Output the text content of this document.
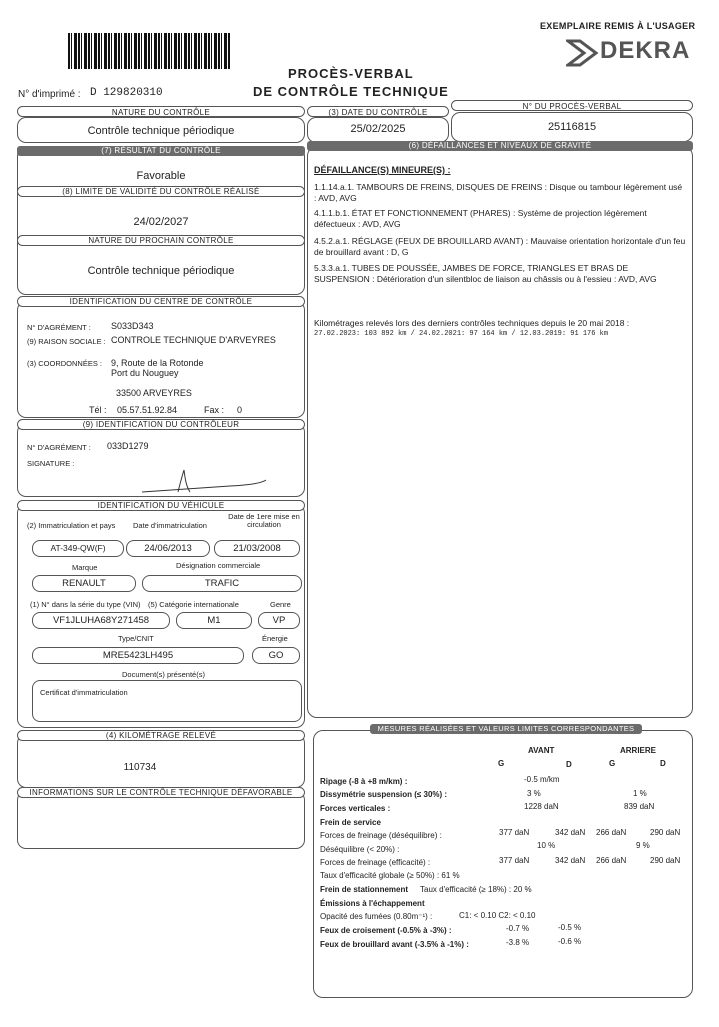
EXEMPLAIRE REMIS À L'USAGER
DEKRA
PROCÈS-VERBAL
DE CONTRÔLE TECHNIQUE
N° d'imprimé : D 129820310
NATURE DU CONTRÔLE
Contrôle technique périodique
(3) DATE DU CONTRÔLE
25/02/2025
N° DU PROCÈS-VERBAL
25116815
(7) RÉSULTAT DU CONTRÔLE
Favorable
(8) LIMITE DE VALIDITÉ DU CONTRÔLE RÉALISÉ
24/02/2027
NATURE DU PROCHAIN CONTRÔLE
Contrôle technique périodique
IDENTIFICATION DU CENTRE DE CONTRÔLE
N° D'AGRÉMENT : S033D343
(9) RAISON SOCIALE : CONTROLE TECHNIQUE D'ARVEYRES
(3) COORDONNÉES : 9, Route de la Rotonde
Port du Nouguey
33500 ARVEYRES
Tél : 05.57.51.92.84	Fax : 0
(9) IDENTIFICATION DU CONTRÔLEUR
N° D'AGRÉMENT : 033D1279
SIGNATURE :
IDENTIFICATION DU VÉHICULE
(2) Immatriculation et pays Date d'immatriculation
Date de 1ere mise en circulation
AT-349-QW(F)	24/06/2013	21/03/2008
Marque	Désignation commerciale
RENAULT	TRAFIC
(1) N° dans la série du type (VIN) (5) Catégorie internationale	Genre
VF1JLUHA68Y271458	M1	VP
Type/CNIT	Énergie
MRE5423LH495	GO
Document(s) présenté(s)
Certificat d'immatriculation
(4) KILOMÉTRAGE RELEVÉ
110734
INFORMATIONS SUR LE CONTRÔLE TECHNIQUE DÉFAVORABLE
(6) DÉFAILLANCES ET NIVEAUX DE GRAVITÉ
DÉFAILLANCE(S) MINEURE(S) :
1.1.14.a.1. TAMBOURS DE FREINS, DISQUES DE FREINS : Disque ou tambour légèrement usé : AVD, AVG
4.1.1.b.1. ÉTAT ET FONCTIONNEMENT (PHARES) : Système de projection légèrement défectueux : AVD, AVG
4.5.2.a.1. RÉGLAGE (FEUX DE BROUILLARD AVANT) : Mauvaise orientation horizontale d'un feu de brouillard avant : D, G
5.3.3.a.1. TUBES DE POUSSÉE, JAMBES DE FORCE, TRIANGLES ET BRAS DE SUSPENSION : Détérioration d'un silentbloc de liaison au châssis ou à l'essieu : AVD, AVG
Kilométrages relevés lors des derniers contrôles techniques depuis le 20 mai 2018 :
27.02.2023: 103 892 km / 24.02.2021: 97 164 km / 12.03.2019: 91 176 km
MESURES RÉALISÉES ET VALEURS LIMITES CORRESPONDANTES
AVANT	ARRIERE
G	D	G	D
Ripage (-8 à +8 m/km) :	-0.5 m/km
Dissymétrie suspension (≤ 30%) :	3 %	1 %
Forces verticales :	1228 daN	839 daN
Frein de service
Forces de freinage (déséquilibre) :	377 daN	342 daN 266 daN	290 daN
Déséquilibre (< 20%) :	10 %	9 %
Forces de freinage (efficacité) :	377 daN	342 daN 266 daN	290 daN
Taux d'efficacité globale (≥ 50%) : 61 %
Frein de stationnement Taux d'efficacité (≥ 18%) : 20 %
Émissions à l'échappement
Opacité des fumées (0.80m⁻¹) :	C1: < 0.10 C2: < 0.10
Feux de croisement (-0.5% à -3%) :	-0.7 %	-0.5 %
Feux de brouillard avant (-3.5% à -1%) :	-3.8 %	-0.6 %
